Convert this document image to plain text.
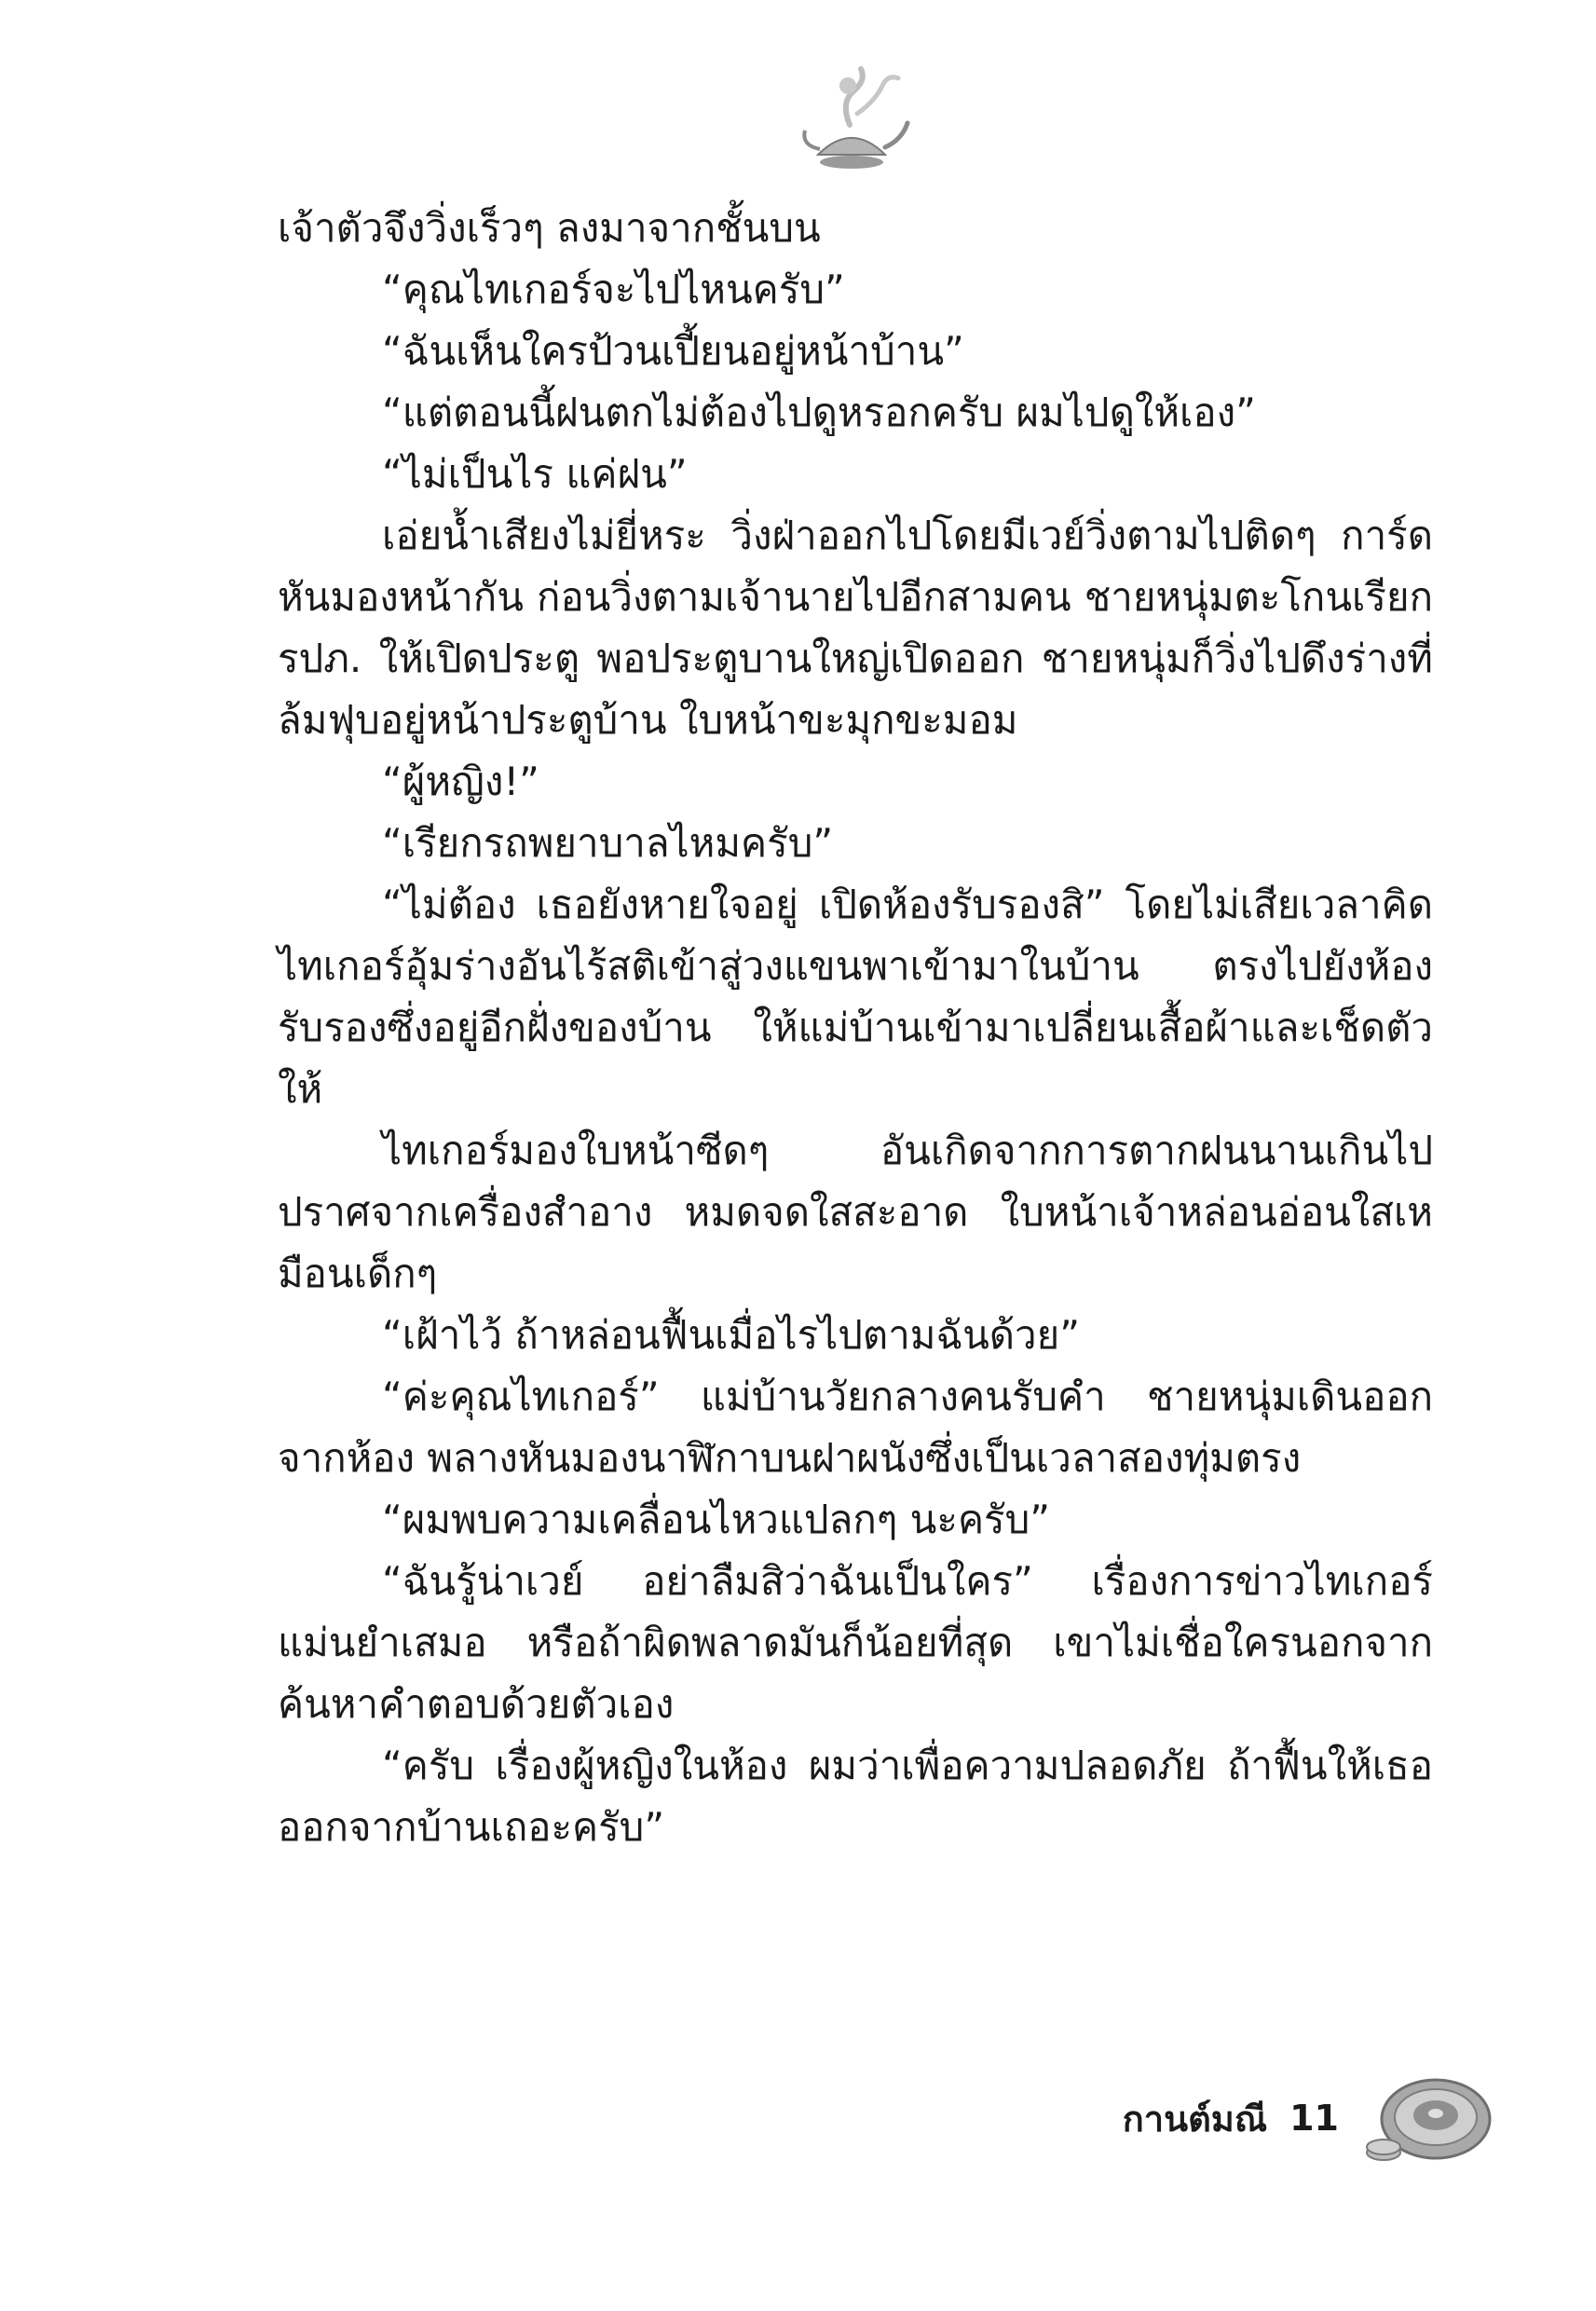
เจ้าตัวจึงวิ่งเร็วๆ ลงมาจากชั้นบน

“คุณไทเกอร์จะไปไหนครับ”

“ฉันเห็นใครป้วนเปี้ยนอยู่หน้าบ้าน”

“แต่ตอนนี้ฝนตกไม่ต้องไปดูหรอกครับ ผมไปดูให้เอง”

“ไม่เป็นไร แค่ฝน”

เอ่ยน้ำเสียงไม่ยี่หระ วิ่งฝ่าออกไปโดยมีเวย์วิ่งตามไปติดๆ การ์ดหันมองหน้ากัน ก่อนวิ่งตามเจ้านายไปอีกสามคน ชายหนุ่มตะโกนเรียก รปภ. ให้เปิดประตู พอประตูบานใหญ่เปิดออก ชายหนุ่มก็วิ่งไปดึงร่างที่ล้มฟุบอยู่หน้าประตูบ้าน ใบหน้าขะมุกขะมอม

“ผู้หญิง!”

“เรียกรถพยาบาลไหมครับ”

“ไม่ต้อง เธอยังหายใจอยู่ เปิดห้องรับรองสิ” โดยไม่เสียเวลาคิด ไทเกอร์อุ้มร่างอันไร้สติเข้าสู่วงแขนพาเข้ามาในบ้าน ตรงไปยังห้องรับรองซึ่งอยู่อีกฝั่งของบ้าน ให้แม่บ้านเข้ามาเปลี่ยนเสื้อผ้าและเช็ดตัวให้

ไทเกอร์มองใบหน้าซีดๆ อันเกิดจากการตากฝนนานเกินไป ปราศจากเครื่องสำอาง หมดจดใสสะอาด ใบหน้าเจ้าหล่อนอ่อนใสเหมือนเด็กๆ

“เฝ้าไว้ ถ้าหล่อนฟื้นเมื่อไรไปตามฉันด้วย”

“ค่ะคุณไทเกอร์” แม่บ้านวัยกลางคนรับคำ ชายหนุ่มเดินออกจากห้อง พลางหันมองนาฬิกาบนฝาผนังซึ่งเป็นเวลาสองทุ่มตรง

“ผมพบความเคลื่อนไหวแปลกๆ นะครับ”

“ฉันรู้น่าเวย์ อย่าลืมสิว่าฉันเป็นใคร” เรื่องการข่าวไทเกอร์แม่นยำเสมอ หรือถ้าผิดพลาดมันก็น้อยที่สุด เขาไม่เชื่อใครนอกจากค้นหาคำตอบด้วยตัวเอง

“ครับ เรื่องผู้หญิงในห้อง ผมว่าเพื่อความปลอดภัย ถ้าฟื้นให้เธอออกจากบ้านเถอะครับ”

กานต์มณี 11
